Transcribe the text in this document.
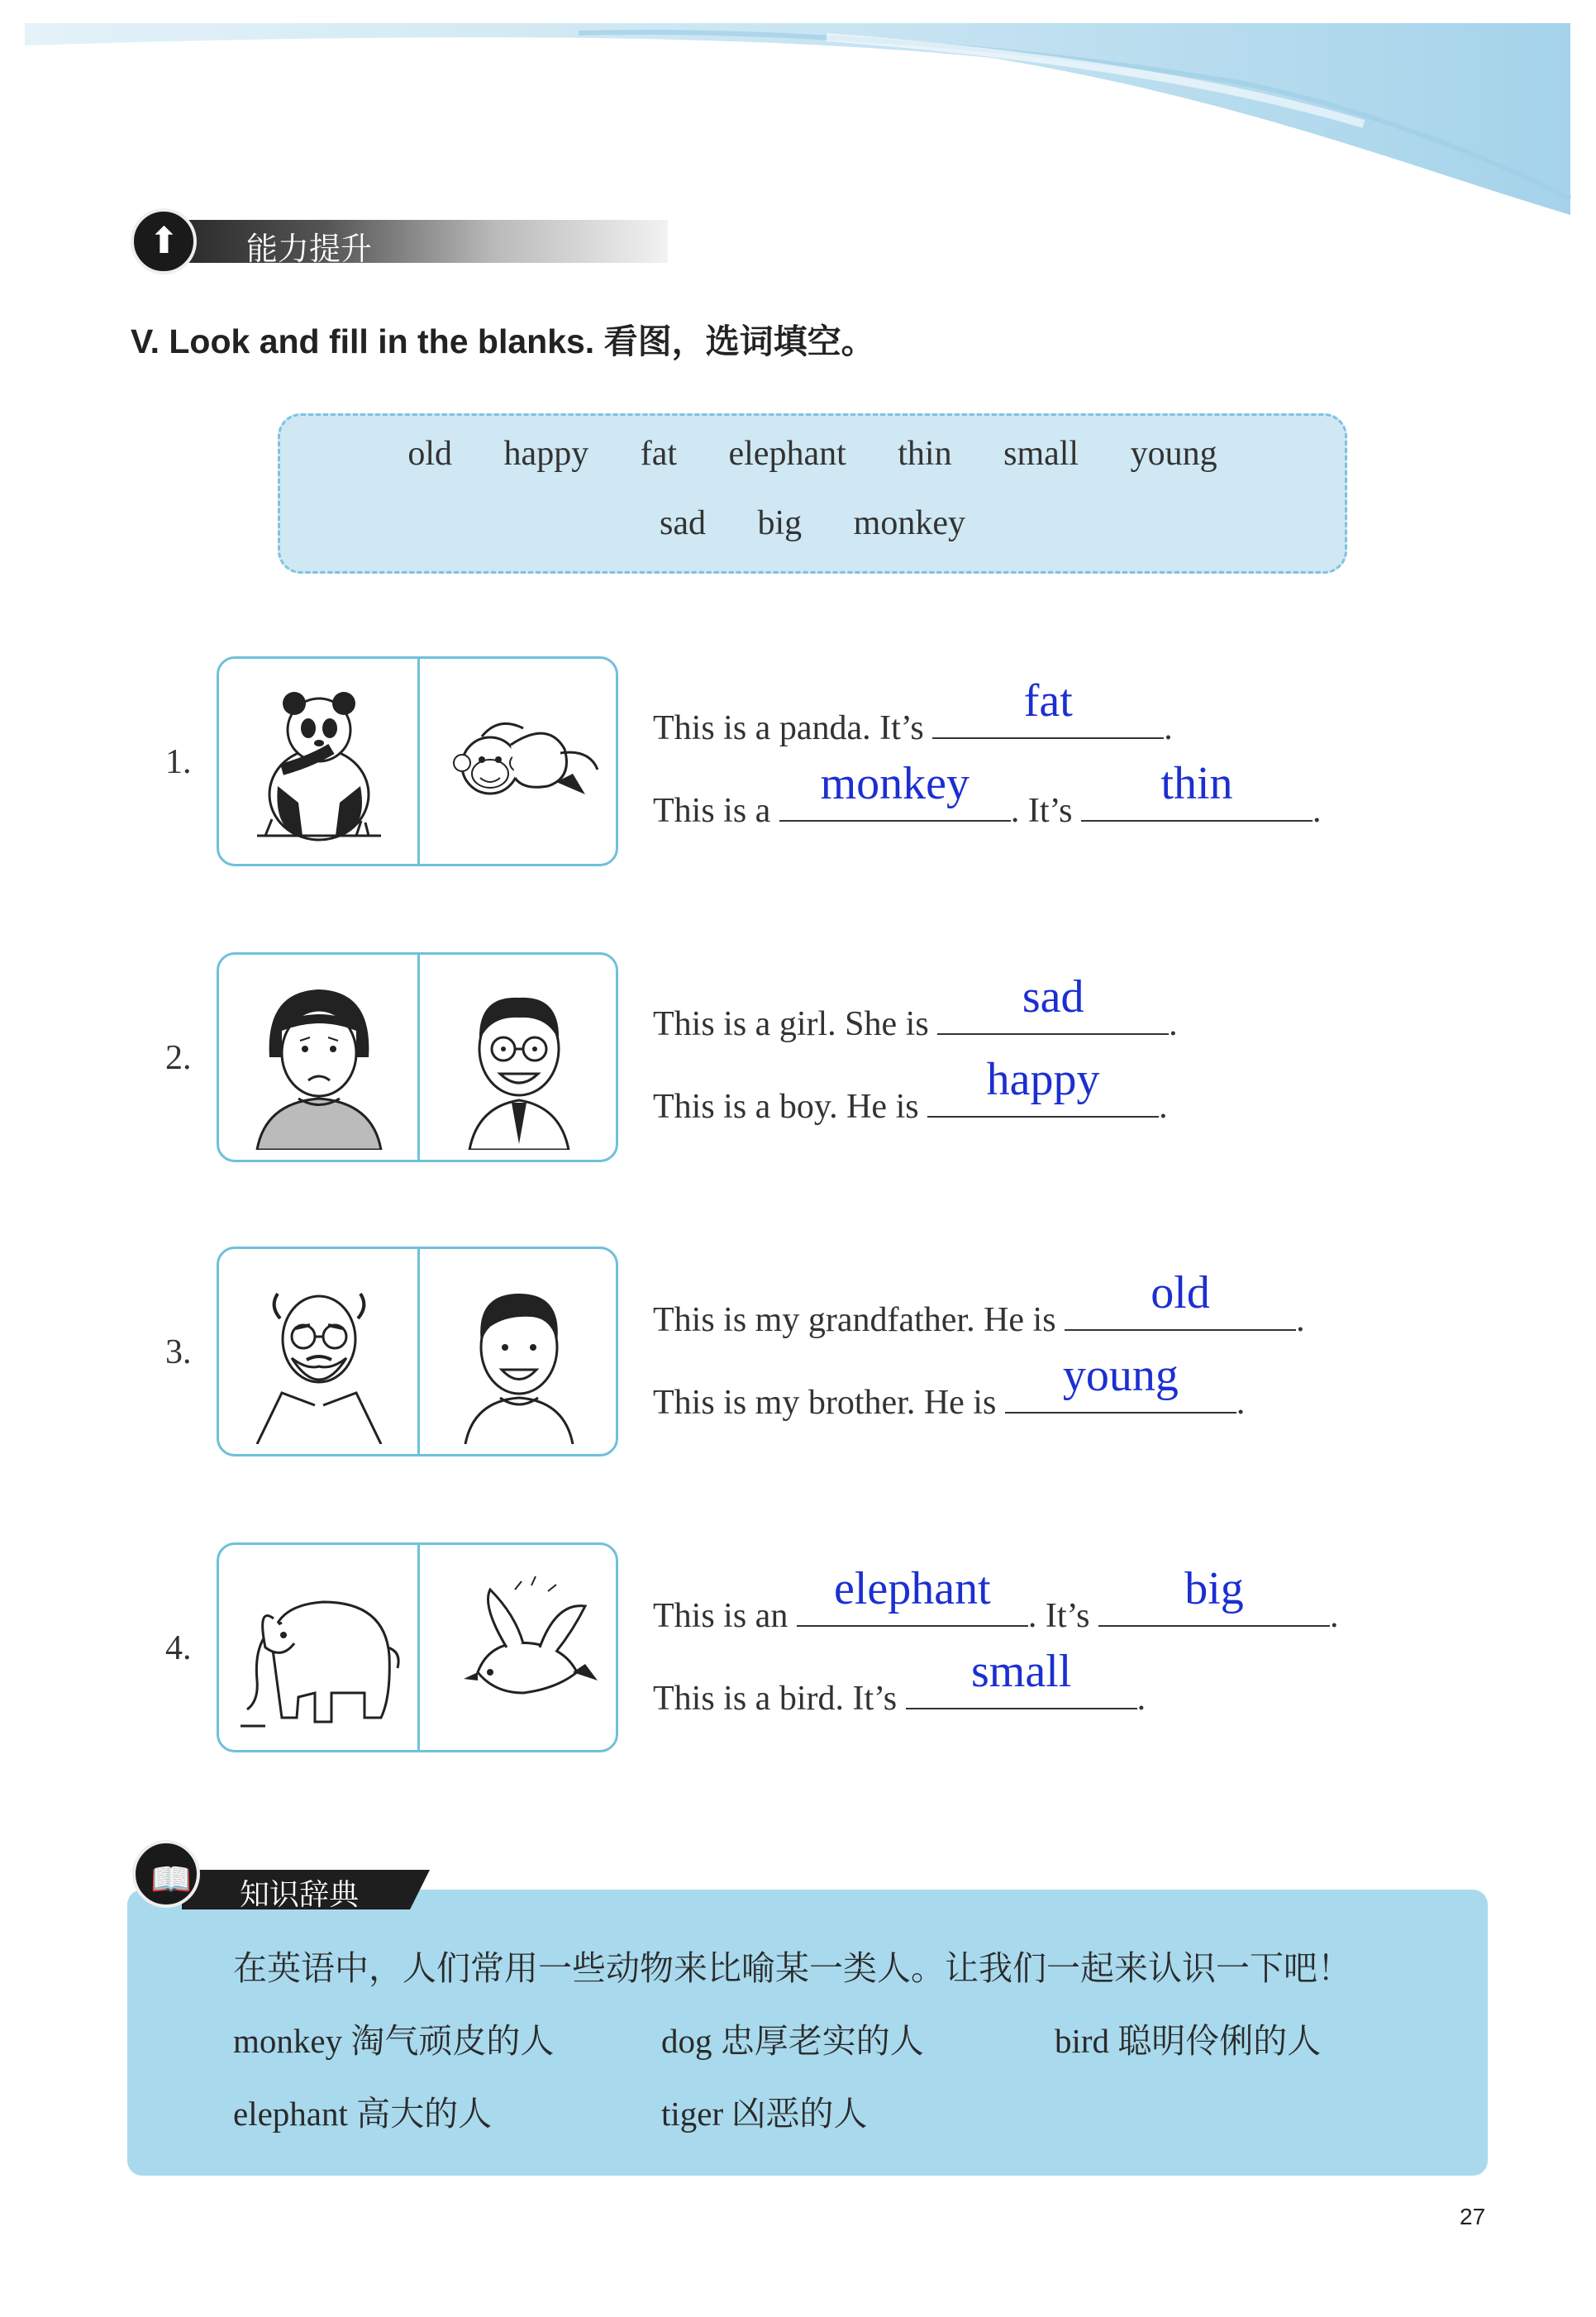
⬆ 能力提升
V. Look and fill in the blanks. 看图，选词填空。
old happy fat elephant thin small young
sad big monkey
1.
This is a panda. It’s
fat
.
This is a
monkey
. It’s
thin
.
2.
This is a girl. She is
sad
.
This is a boy. He is
happy
.
3.
This is my grandfather. He is
old
.
This is my brother. He is
young
.
4.
This is an
elephant
. It’s
big
.
This is a bird. It’s
small
.
在英语中，人们常用一些动物来比喻某一类人。让我们一起来认识一下吧！
monkey 淘气顽皮的人	dog 忠厚老实的人	bird 聪明伶俐的人
elephant 高大的人	tiger 凶恶的人
📖 知识辞典
27
